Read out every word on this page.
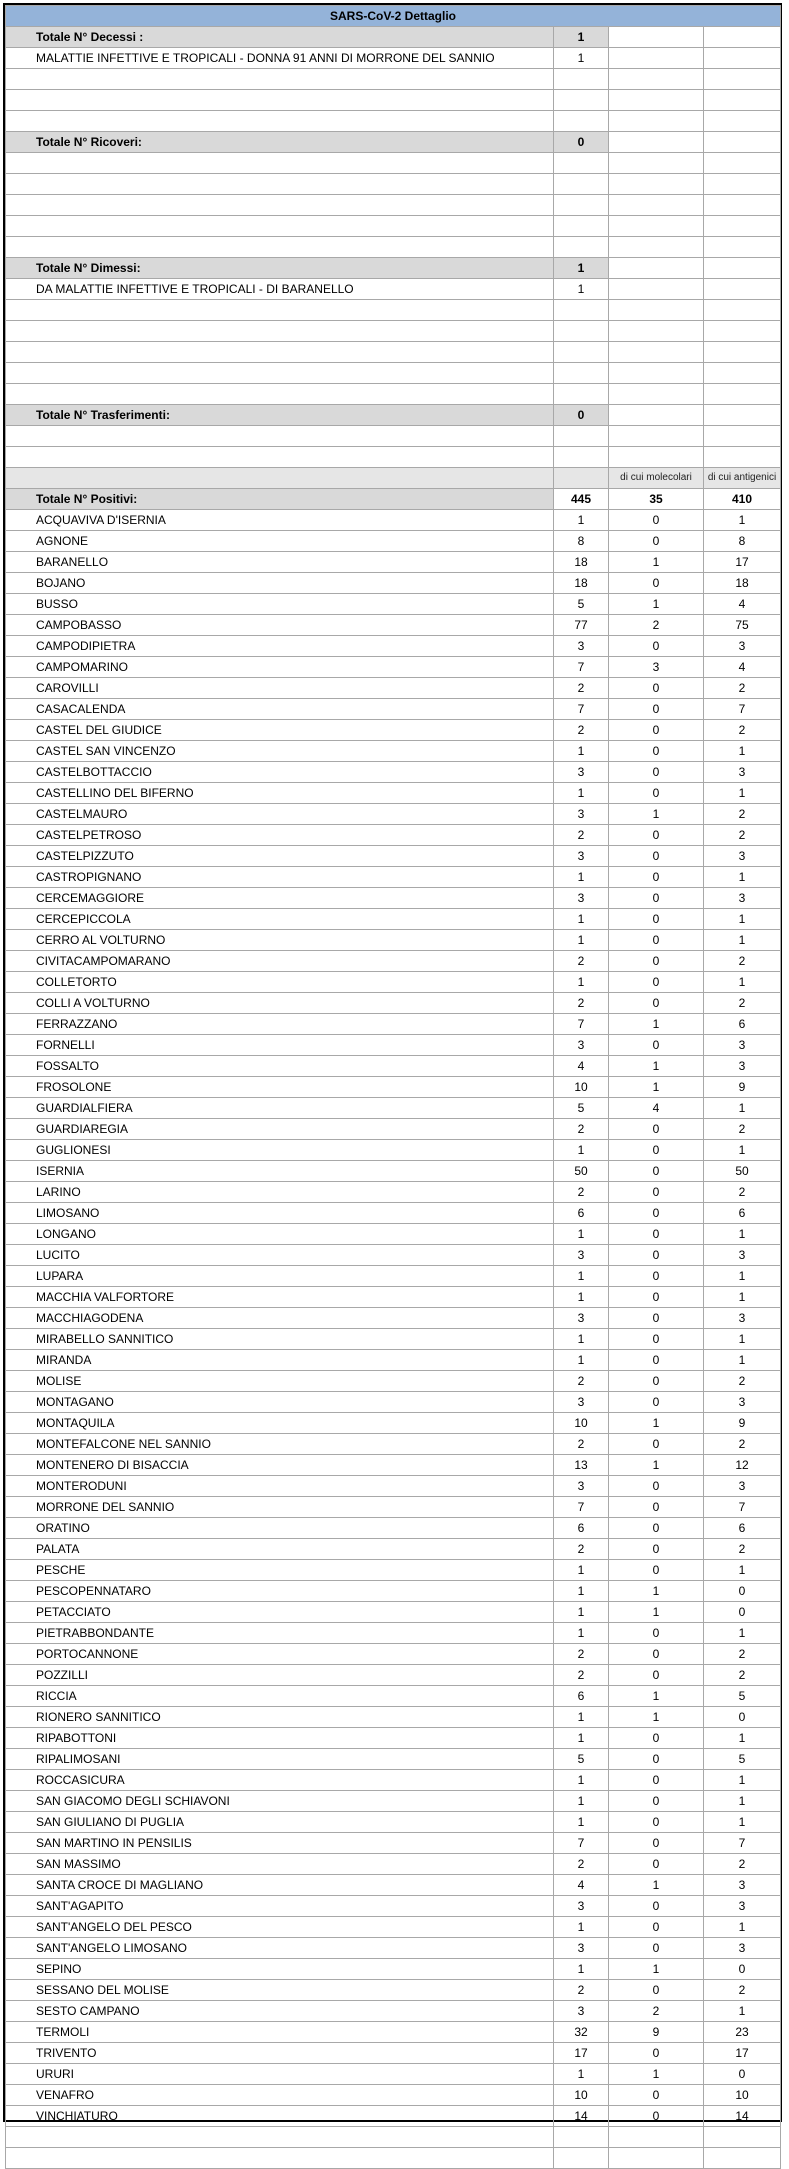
SARS-CoV-2 Dettaglio			
Totale N° Decessi :	1		
MALATTIE INFETTIVE E TROPICALI - DONNA 91 ANNI DI MORRONE DEL SANNIO	1		

Totale N° Ricoveri:	0		

Totale N° Dimessi:	1		
DA MALATTIE INFETTIVE E TROPICALI - DI BARANELLO	1		

Totale N° Trasferimenti:	0		

		di cui molecolari	di cui antigenici
Totale N° Positivi:	445	35	410
ACQUAVIVA D'ISERNIA	1	0	1
AGNONE	8	0	8
BARANELLO	18	1	17
BOJANO	18	0	18
BUSSO	5	1	4
CAMPOBASSO	77	2	75
CAMPODIPIETRA	3	0	3
CAMPOMARINO	7	3	4
CAROVILLI	2	0	2
CASACALENDA	7	0	7
CASTEL DEL GIUDICE	2	0	2
CASTEL SAN VINCENZO	1	0	1
CASTELBOTTACCIO	3	0	3
CASTELLINO DEL BIFERNO	1	0	1
CASTELMAURO	3	1	2
CASTELPETROSO	2	0	2
CASTELPIZZUTO	3	0	3
CASTROPIGNANO	1	0	1
CERCEMAGGIORE	3	0	3
CERCEPICCOLA	1	0	1
CERRO AL VOLTURNO	1	0	1
CIVITACAMPOMARANO	2	0	2
COLLETORTO	1	0	1
COLLI A VOLTURNO	2	0	2
FERRAZZANO	7	1	6
FORNELLI	3	0	3
FOSSALTO	4	1	3
FROSOLONE	10	1	9
GUARDIALFIERA	5	4	1
GUARDIAREGIA	2	0	2
GUGLIONESI	1	0	1
ISERNIA	50	0	50
LARINO	2	0	2
LIMOSANO	6	0	6
LONGANO	1	0	1
LUCITO	3	0	3
LUPARA	1	0	1
MACCHIA VALFORTORE	1	0	1
MACCHIAGODENA	3	0	3
MIRABELLO SANNITICO	1	0	1
MIRANDA	1	0	1
MOLISE	2	0	2
MONTAGANO	3	0	3
MONTAQUILA	10	1	9
MONTEFALCONE NEL SANNIO	2	0	2
MONTENERO DI BISACCIA	13	1	12
MONTERODUNI	3	0	3
MORRONE DEL SANNIO	7	0	7
ORATINO	6	0	6
PALATA	2	0	2
PESCHE	1	0	1
PESCOPENNATARO	1	1	0
PETACCIATO	1	1	0
PIETRABBONDANTE	1	0	1
PORTOCANNONE	2	0	2
POZZILLI	2	0	2
RICCIA	6	1	5
RIONERO SANNITICO	1	1	0
RIPABOTTONI	1	0	1
RIPALIMOSANI	5	0	5
ROCCASICURA	1	0	1
SAN GIACOMO DEGLI SCHIAVONI	1	0	1
SAN GIULIANO DI PUGLIA	1	0	1
SAN MARTINO IN PENSILIS	7	0	7
SAN MASSIMO	2	0	2
SANTA CROCE DI MAGLIANO	4	1	3
SANT'AGAPITO	3	0	3
SANT'ANGELO DEL PESCO	1	0	1
SANT'ANGELO LIMOSANO	3	0	3
SEPINO	1	1	0
SESSANO DEL MOLISE	2	0	2
SESTO CAMPANO	3	2	1
TERMOLI	32	9	23
TRIVENTO	17	0	17
URURI	1	1	0
VENAFRO	10	0	10
VINCHIATURO	14	0	14
